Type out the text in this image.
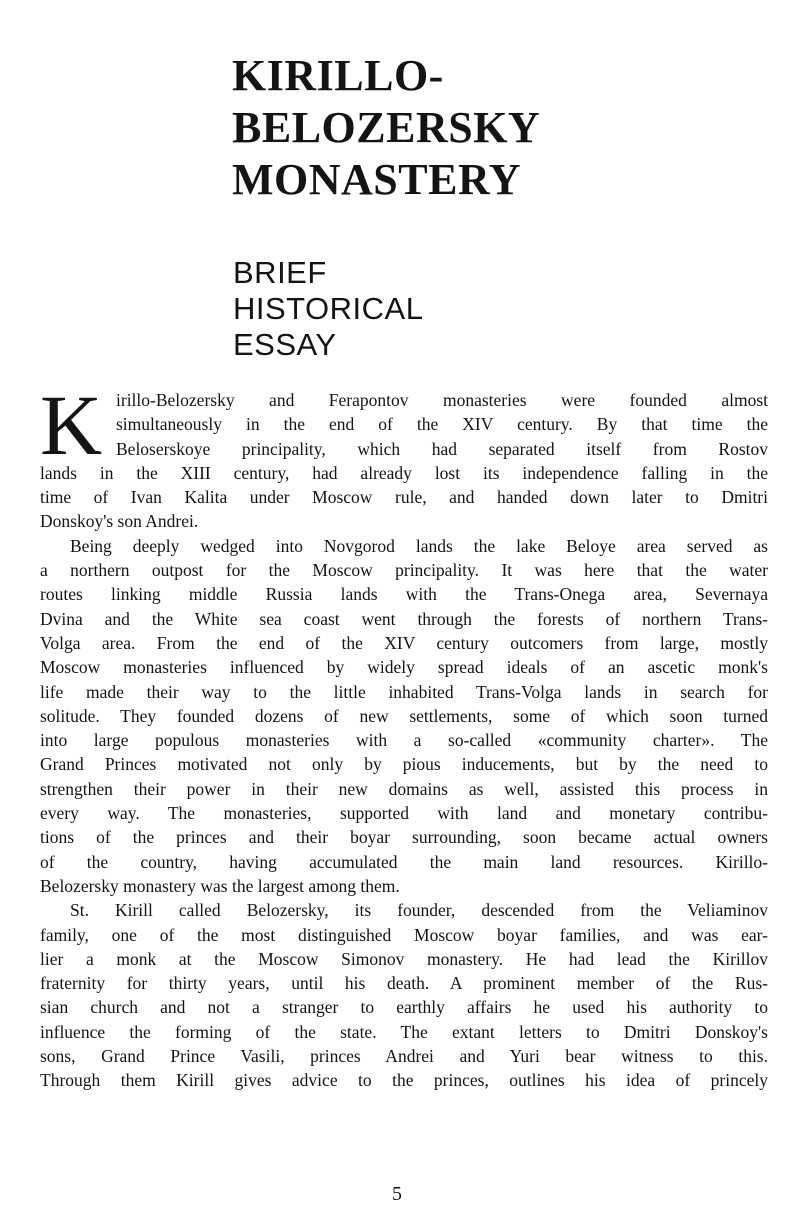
KIRILLO-
BELOZERSKY
MONASTERY
BRIEF
HISTORICAL
ESSAY
K irillo-Belozersky and Ferapontov monasteries were founded almost
simultaneously in the end of the XIV century. By that time the
Beloserskoye principality, which had separated itself from Rostov
lands in the XIII century, had already lost its independence falling in the
time of Ivan Kalita under Moscow rule, and handed down later to Dmitri
Donskoy's son Andrei.
Being deeply wedged into Novgorod lands the lake Beloye area served as
a northern outpost for the Moscow principality. It was here that the water
routes linking middle Russia lands with the Trans-Onega area, Severnaya
Dvina and the White sea coast went through the forests of northern Trans-
Volga area. From the end of the XIV century outcomers from large, mostly
Moscow monasteries influenced by widely spread ideals of an ascetic monk's
life made their way to the little inhabited Trans-Volga lands in search for
solitude. They founded dozens of new settlements, some of which soon turned
into large populous monasteries with a so-called «community charter». The
Grand Princes motivated not only by pious inducements, but by the need to
strengthen their power in their new domains as well, assisted this process in
every way. The monasteries, supported with land and monetary contribu-
tions of the princes and their boyar surrounding, soon became actual owners
of the country, having accumulated the main land resources. Kirillo-
Belozersky monastery was the largest among them.
St. Kirill called Belozersky, its founder, descended from the Veliaminov
family, one of the most distinguished Moscow boyar families, and was ear-
lier a monk at the Moscow Simonov monastery. He had lead the Kirillov
fraternity for thirty years, until his death. A prominent member of the Rus-
sian church and not a stranger to earthly affairs he used his authority to
influence the forming of the state. The extant letters to Dmitri Donskoy's
sons, Grand Prince Vasili, princes Andrei and Yuri bear witness to this.
Through them Kirill gives advice to the princes, outlines his idea of princely
5
